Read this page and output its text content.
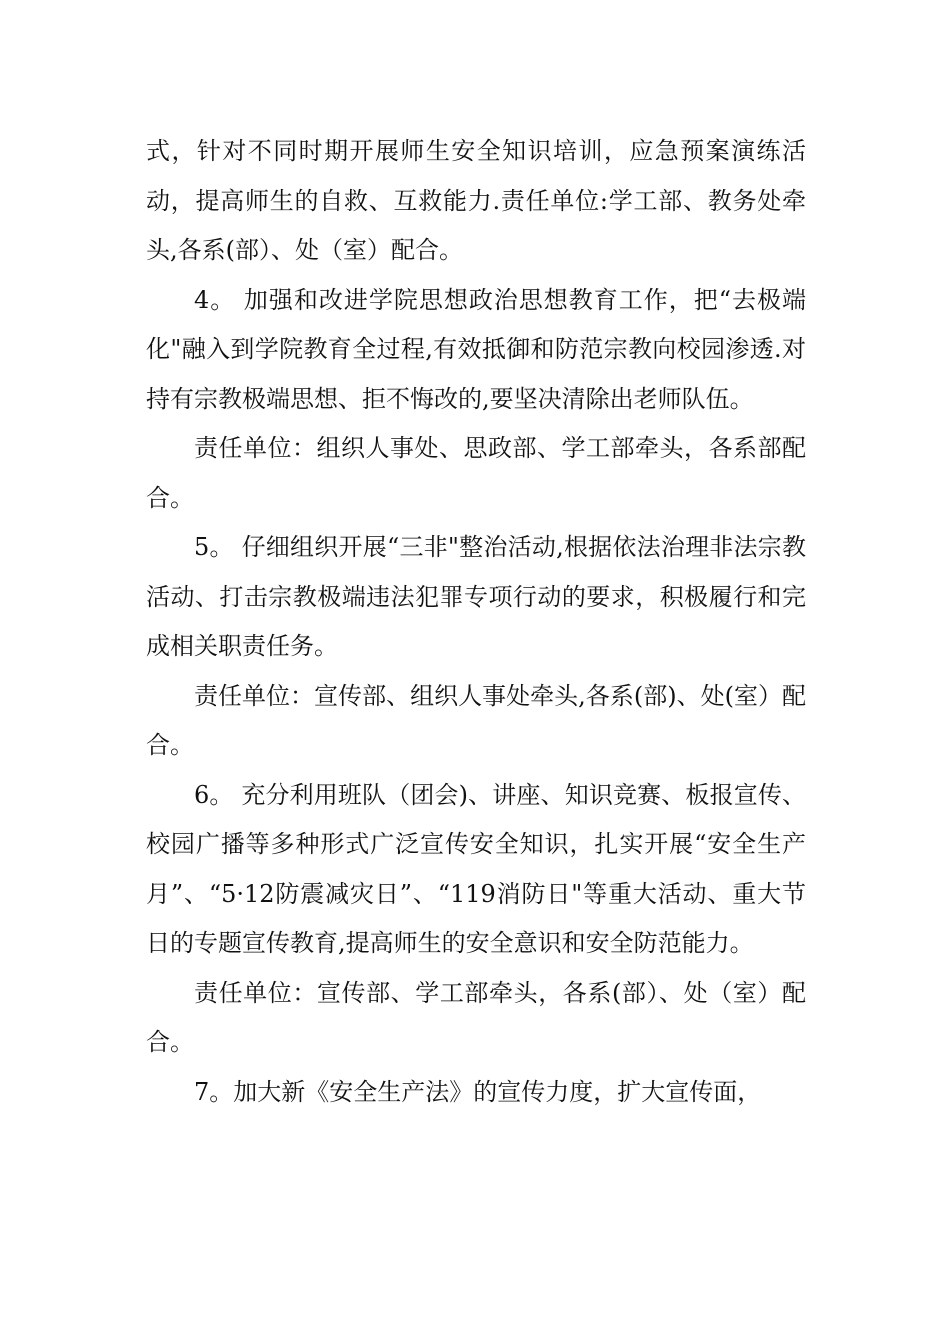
式，针对不同时期开展师生安全知识培训，应急预案演练活动，提高师生的自救、互救能力.责任单位:学工部、教务处牵头,各系(部）、处（室）配合。

4。 加强和改进学院思想政治思想教育工作，把“去极端化"融入到学院教育全过程,有效抵御和防范宗教向校园渗透.对持有宗教极端思想、拒不悔改的,要坚决清除出老师队伍。

责任单位：组织人事处、思政部、学工部牵头，各系部配合。

5。 仔细组织开展“三非"整治活动,根据依法治理非法宗教活动、打击宗教极端违法犯罪专项行动的要求，积极履行和完成相关职责任务。

责任单位：宣传部、组织人事处牵头,各系(部)、处(室）配合。

6。 充分利用班队（团会)、讲座、知识竞赛、板报宣传、校园广播等多种形式广泛宣传安全知识，扎实开展“安全生产月”、“5·12防震减灾日”、“119消防日"等重大活动、重大节日的专题宣传教育,提高师生的安全意识和安全防范能力。

责任单位：宣传部、学工部牵头，各系(部）、处（室）配合。

7。加大新《安全生产法》的宣传力度，扩大宣传面，
